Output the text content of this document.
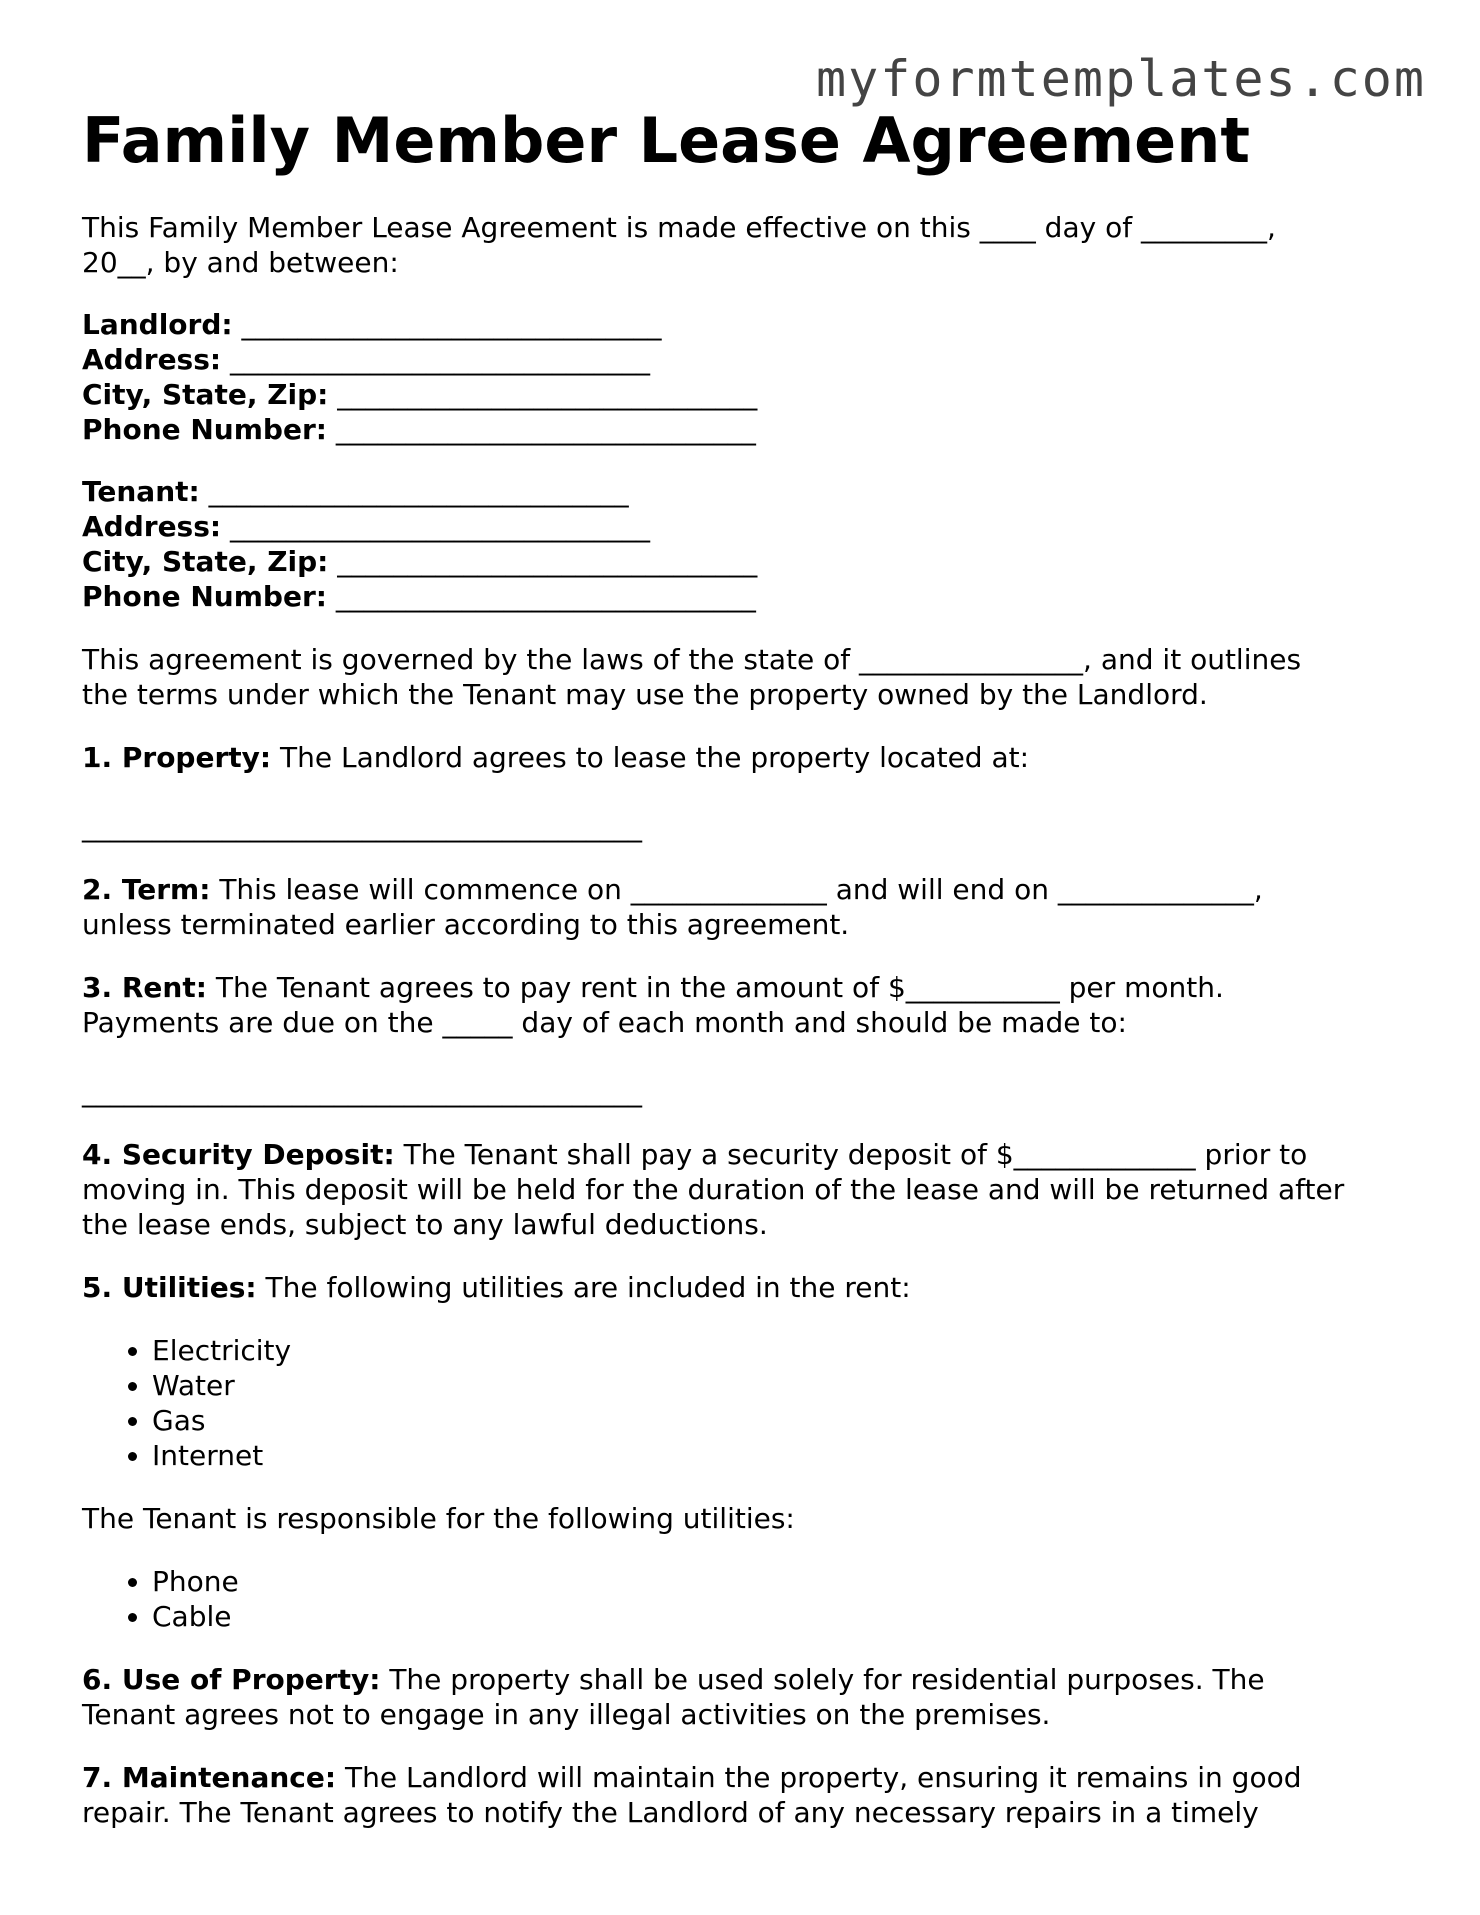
myformtemplates.com
Family Member Lease Agreement

This Family Member Lease Agreement is made effective on this ____ day of _________,
20__, by and between:

Landlord: ______________________________
Address: ______________________________
City, State, Zip: ______________________________
Phone Number: ______________________________
Tenant: ______________________________
Address: ______________________________
City, State, Zip: ______________________________
Phone Number: ______________________________

This agreement is governed by the laws of the state of ________________, and it outlines
the terms under which the Tenant may use the property owned by the Landlord.

1. Property: The Landlord agrees to lease the property located at:

________________________________________

2. Term: This lease will commence on ______________ and will end on ______________,
unless terminated earlier according to this agreement.

3. Rent: The Tenant agrees to pay rent in the amount of $___________ per month.
Payments are due on the _____ day of each month and should be made to:

________________________________________

4. Security Deposit: The Tenant shall pay a security deposit of $_____________ prior to
moving in. This deposit will be held for the duration of the lease and will be returned after
the lease ends, subject to any lawful deductions.

5. Utilities: The following utilities are included in the rent:

• Electricity
• Water
• Gas
• Internet

The Tenant is responsible for the following utilities:

• Phone
• Cable

6. Use of Property: The property shall be used solely for residential purposes. The
Tenant agrees not to engage in any illegal activities on the premises.

7. Maintenance: The Landlord will maintain the property, ensuring it remains in good
repair. The Tenant agrees to notify the Landlord of any necessary repairs in a timely
